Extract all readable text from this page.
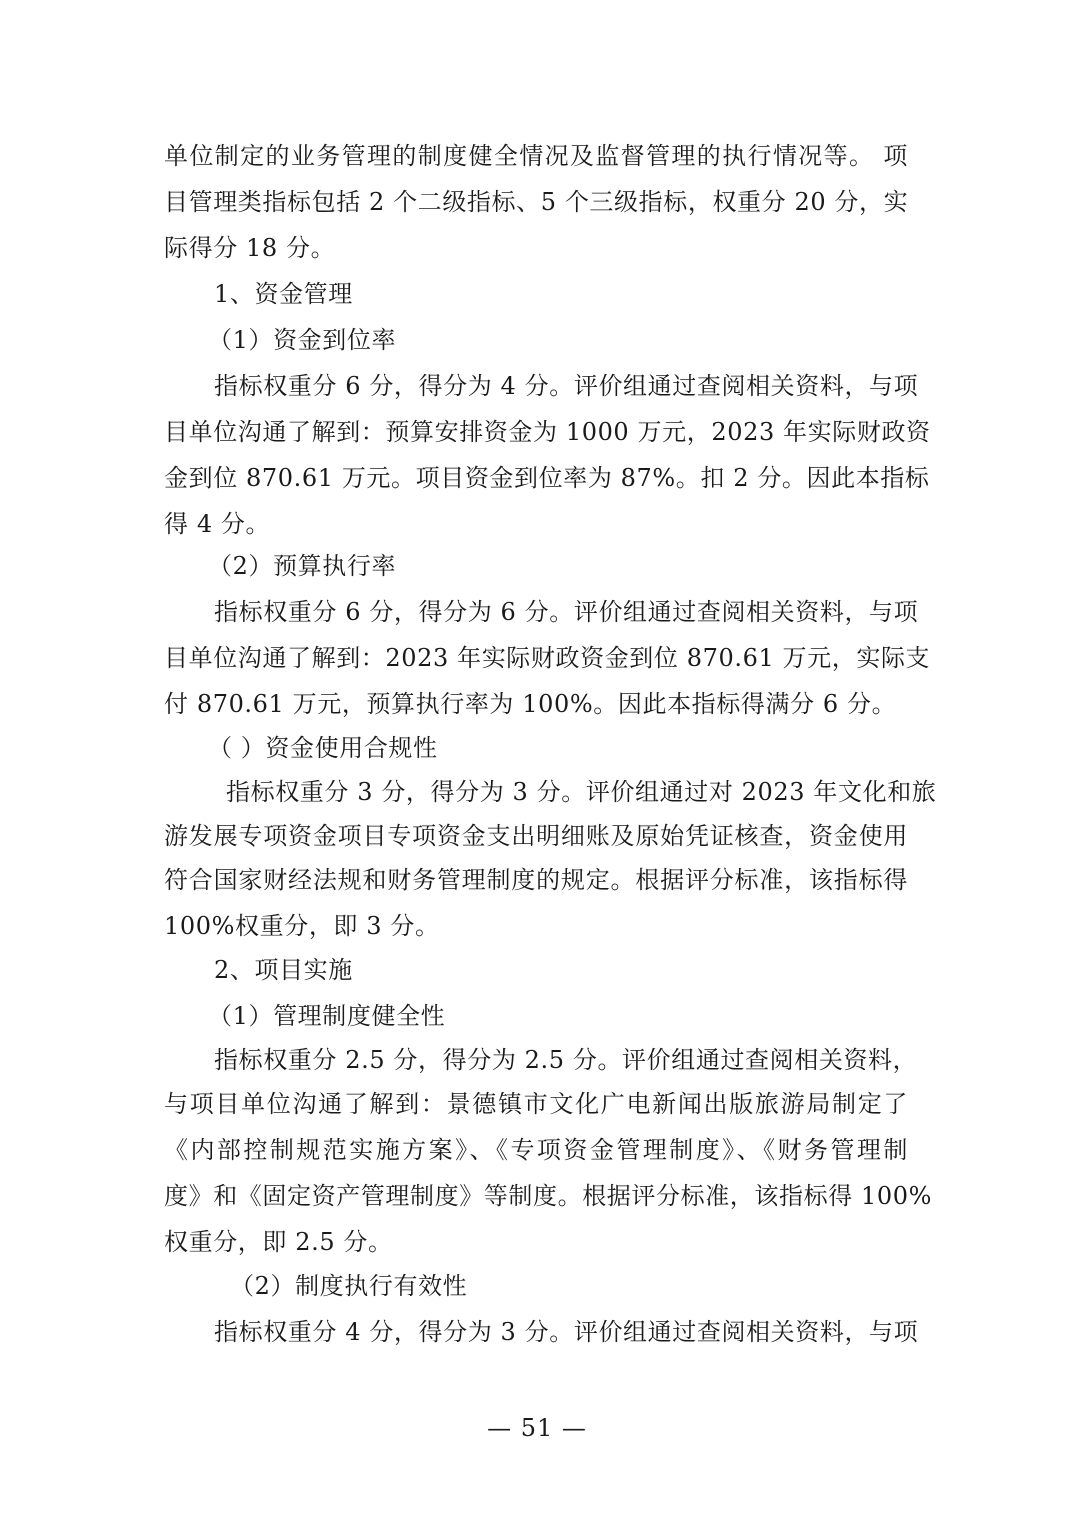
单位制定的业务管理的制度健全情况及监督管理的执行情况等。 项
目管理类指标包括 2 个二级指标、5 个三级指标，权重分 20 分，实
际得分 18 分。
1、资金管理
（1）资金到位率
指标权重分 6 分，得分为 4 分。评价组通过查阅相关资料，与项
目单位沟通了解到：预算安排资金为 1000 万元，2023 年实际财政资
金到位 870.61 万元。项目资金到位率为 87%。扣 2 分。因此本指标
得 4 分。
（2）预算执行率
指标权重分 6 分，得分为 6 分。评价组通过查阅相关资料，与项
目单位沟通了解到：2023 年实际财政资金到位 870.61 万元，实际支
付 870.61 万元，预算执行率为 100%。因此本指标得满分 6 分。
（ ）资金使用合规性
指标权重分 3 分，得分为 3 分。评价组通过对 2023 年文化和旅
游发展专项资金项目专项资金支出明细账及原始凭证核查，资金使用
符合国家财经法规和财务管理制度的规定。根据评分标准，该指标得
100%权重分，即 3 分。
2、项目实施
（1）管理制度健全性
指标权重分 2.5 分，得分为 2.5 分。评价组通过查阅相关资料，
与项目单位沟通了解到：景德镇市文化广电新闻出版旅游局制定了
《内部控制规范实施方案》、《专项资金管理制度》、《财务管理制
度》和《固定资产管理制度》等制度。根据评分标准，该指标得 100%
权重分，即 2.5 分。
（2）制度执行有效性
指标权重分 4 分，得分为 3 分。评价组通过查阅相关资料，与项
— 51 —
